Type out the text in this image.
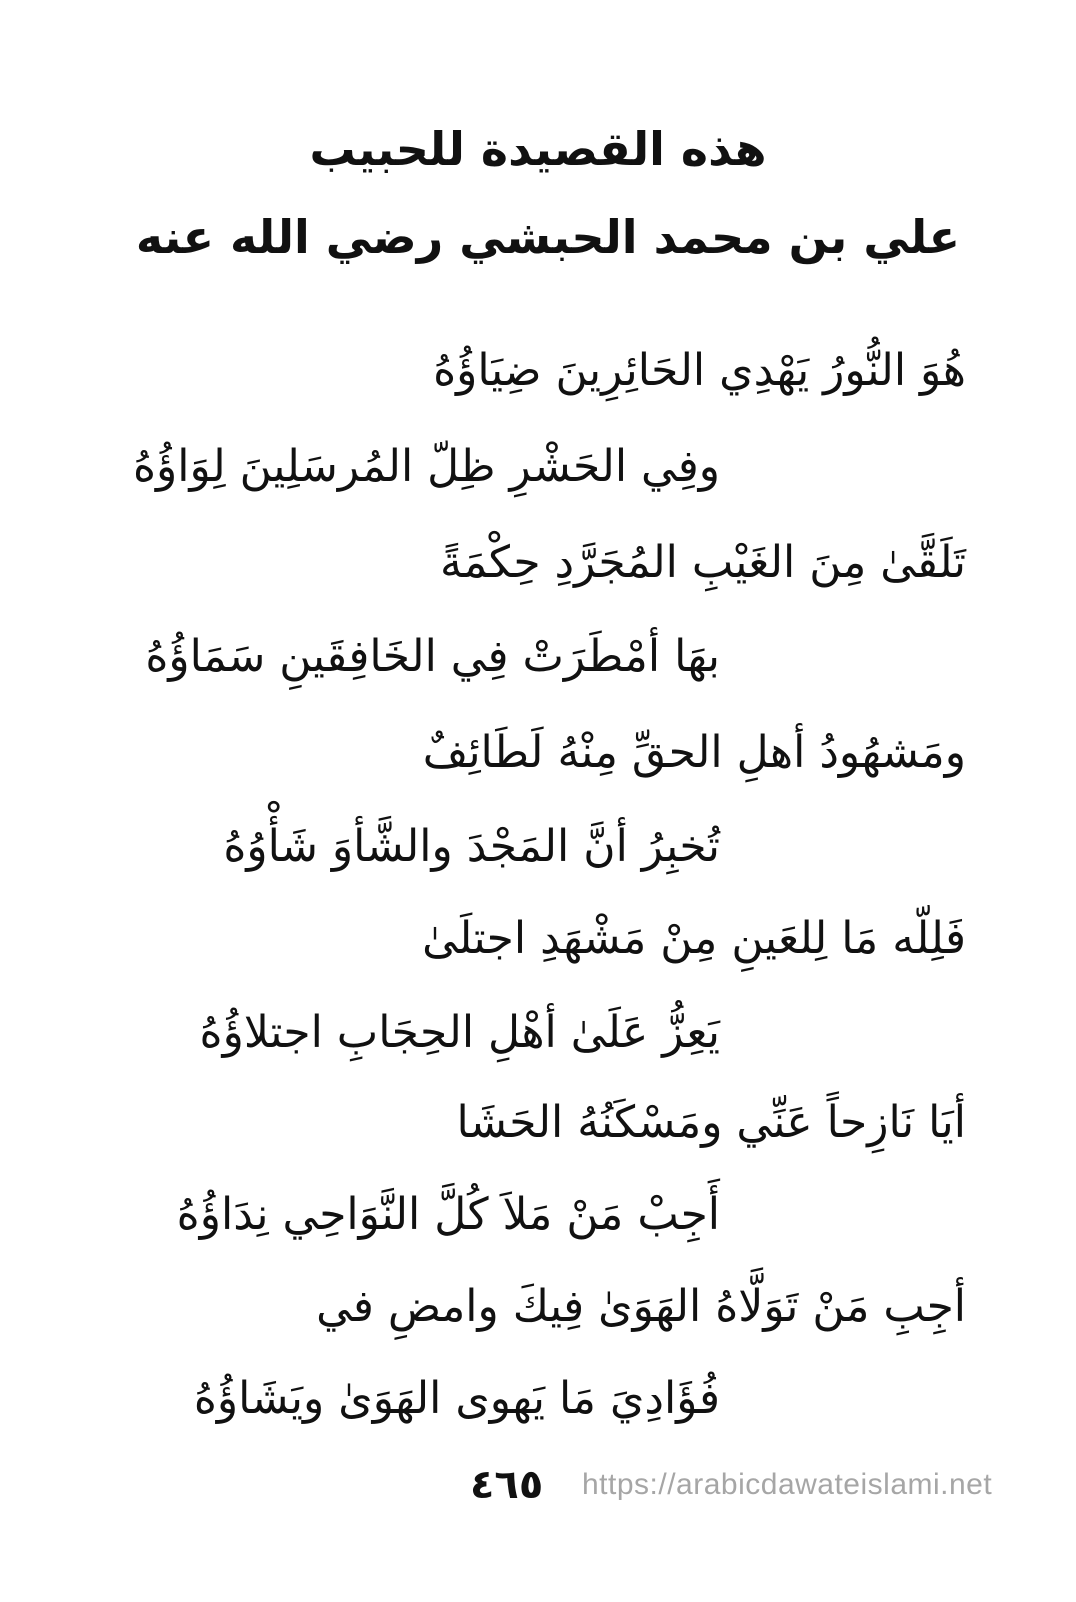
هذه القصيدة للحبيب
علي بن محمد الحبشي رضي الله عنه
هُوَ النُّورُ يَهْدِي الحَائِرِينَ ضِيَاؤُهُ
وفِي الحَشْرِ ظِلّ المُرسَلِينَ لِوَاؤُهُ
تَلَقَّىٰ مِنَ الغَيْبِ المُجَرَّدِ حِكْمَةً
بهَا أمْطَرَتْ فِي الخَافِقَينِ سَمَاؤُهُ
ومَشهُودُ أهلِ الحقِّ مِنْهُ لَطَائِفٌ
تُخبِرُ أنَّ المَجْدَ والشَّأوَ شَأْوُهُ
فَلِلّه مَا لِلعَينِ مِنْ مَشْهَدِ اجتلَىٰ
يَعِزُّ عَلَىٰ أهْلِ الحِجَابِ اجتلاؤُهُ
أيَا نَازِحاً عَنِّي ومَسْكَنُهُ الحَشَا
أَجِبْ مَنْ مَلاَ كُلَّ النَّوَاحِي نِدَاؤُهُ
أجِبِ مَنْ تَوَلَّاهُ الهَوَىٰ فِيكَ وامضِ في
فُؤَادِيَ مَا يَهوى الهَوَىٰ ويَشَاؤُهُ
٤٦٥ https://arabicdawateislami.net
